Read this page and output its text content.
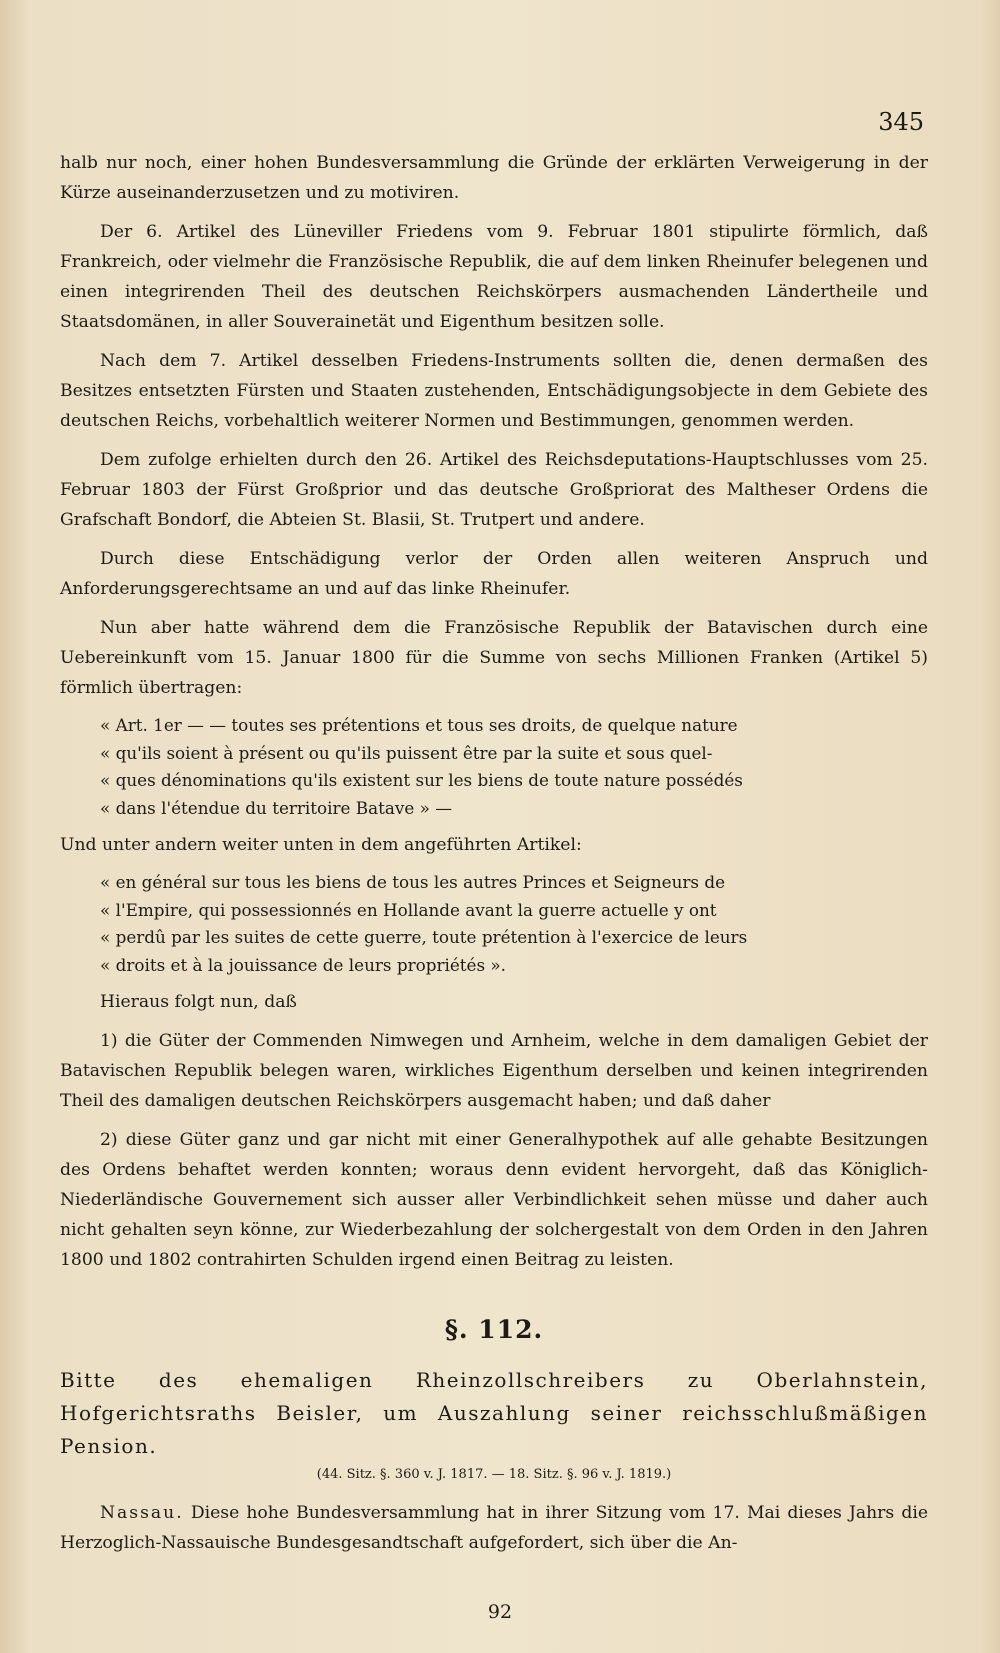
345

halb nur noch, einer hohen Bundesversammlung die Gründe der erklärten Verweigerung in der Kürze auseinanderzusetzen und zu motiviren.

Der 6. Artikel des Lüneviller Friedens vom 9. Februar 1801 stipulirte förmlich, daß Frankreich, oder vielmehr die Französische Republik, die auf dem linken Rheinufer belegenen und einen integrirenden Theil des deutschen Reichskörpers ausmachenden Ländertheile und Staatsdomänen, in aller Souverainetät und Eigenthum besitzen solle.

Nach dem 7. Artikel desselben Friedens-Instruments sollten die, denen dermaßen des Besitzes entsetzten Fürsten und Staaten zustehenden, Entschädigungsobjecte in dem Gebiete des deutschen Reichs, vorbehaltlich weiterer Normen und Bestimmungen, genommen werden.

Dem zufolge erhielten durch den 26. Artikel des Reichsdeputations-Hauptschlusses vom 25. Februar 1803 der Fürst Großprior und das deutsche Großpriorat des Maltheser Ordens die Grafschaft Bondorf, die Abteien St. Blasii, St. Trutpert und andere.

Durch diese Entschädigung verlor der Orden allen weiteren Anspruch und Anforderungsgerechtsame an und auf das linke Rheinufer.

Nun aber hatte während dem die Französische Republik der Batavischen durch eine Uebereinkunft vom 15. Januar 1800 für die Summe von sechs Millionen Franken (Artikel 5) förmlich übertragen:

« Art. 1er — — toutes ses prétentions et tous ses droits, de quelque nature
« qu'ils soient à présent ou qu'ils puissent être par la suite et sous quel-
« ques dénominations qu'ils existent sur les biens de toute nature possédés
« dans l'étendue du territoire Batave » —

Und unter andern weiter unten in dem angeführten Artikel:

« en général sur tous les biens de tous les autres Princes et Seigneurs de
« l'Empire, qui possessionnés en Hollande avant la guerre actuelle y ont
« perdû par les suites de cette guerre, toute prétention à l'exercice de leurs
« droits et à la jouissance de leurs propriétés ».

Hieraus folgt nun, daß

1) die Güter der Commenden Nimwegen und Arnheim, welche in dem damaligen Gebiet der Batavischen Republik belegen waren, wirkliches Eigenthum derselben und keinen integrirenden Theil des damaligen deutschen Reichskörpers ausgemacht haben; und daß daher

2) diese Güter ganz und gar nicht mit einer Generalhypothek auf alle gehabte Besitzungen des Ordens behaftet werden konnten; woraus denn evident hervorgeht, daß das Königlich-Niederländische Gouvernement sich ausser aller Verbindlichkeit sehen müsse und daher auch nicht gehalten seyn könne, zur Wiederbezahlung der solchergestalt von dem Orden in den Jahren 1800 und 1802 contrahirten Schulden irgend einen Beitrag zu leisten.

§. 112.
Bitte des ehemaligen Rheinzollschreibers zu Oberlahnstein, Hofgerichtsraths Beisler, um Auszahlung seiner reichsschlußmäßigen Pension.
(44. Sitz. §. 360 v. J. 1817. — 18. Sitz. §. 96 v. J. 1819.)

Nassau. Diese hohe Bundesversammlung hat in ihrer Sitzung vom 17. Mai dieses Jahrs die Herzoglich-Nassauische Bundesgesandtschaft aufgefordert, sich über die An-

92
